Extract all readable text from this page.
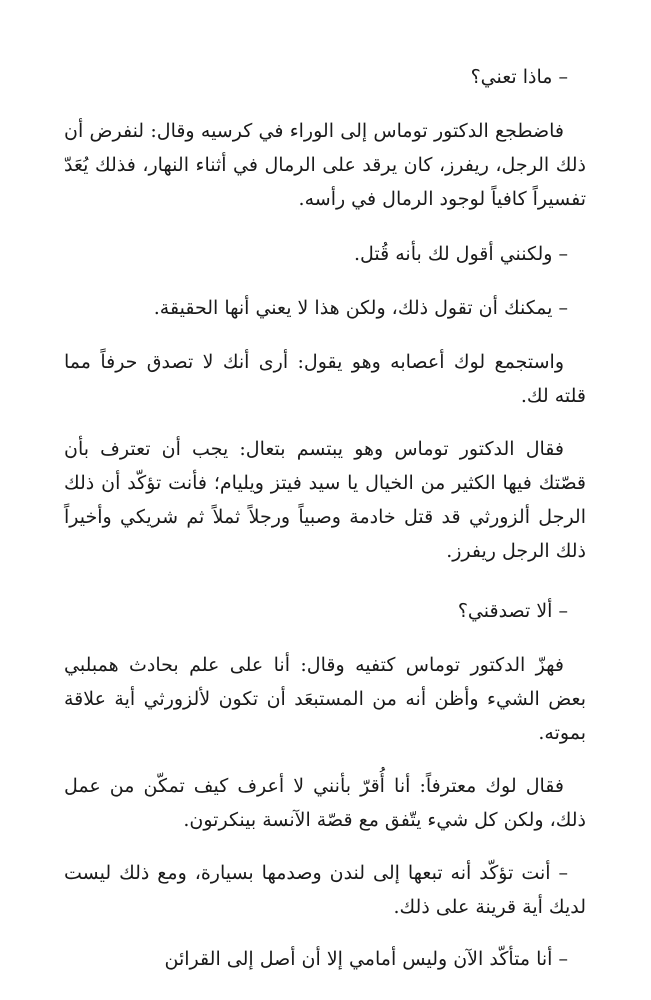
– ماذا تعني؟

فاضطجع الدكتور توماس إلى الوراء في كرسيه وقال: لنفرض أن ذلك الرجل، ريفرز، كان يرقد على الرمال في أثناء النهار، فذلك يُعَدّ تفسيراً كافياً لوجود الرمال في رأسه.

– ولكنني أقول لك بأنه قُتل.

– يمكنك أن تقول ذلك، ولكن هذا لا يعني أنها الحقيقة.

واستجمع لوك أعصابه وهو يقول: أرى أنك لا تصدق حرفاً مما قلته لك.

فقال الدكتور توماس وهو يبتسم بتعال: يجب أن تعترف بأن قصّتك فيها الكثير من الخيال يا سيد فيتز ويليام؛ فأنت تؤكّد أن ذلك الرجل ألزورثي قد قتل خادمة وصبياً ورجلاً ثملاً ثم شريكي وأخيراً ذلك الرجل ريفرز.

– ألا تصدقني؟

فهزّ الدكتور توماس كتفيه وقال: أنا على علم بحادث همبلبي بعض الشيء وأظن أنه من المستبعَد أن تكون لألزورثي أية علاقة بموته.

فقال لوك معترفاً: أنا أُقرّ بأنني لا أعرف كيف تمكّن من عمل ذلك، ولكن كل شيء يتّفق مع قصّة الآنسة بينكرتون.

– أنت تؤكّد أنه تبعها إلى لندن وصدمها بسيارة، ومع ذلك ليست لديك أية قرينة على ذلك.

– أنا متأكّد الآن وليس أمامي إلا أن أصل إلى القرائن
